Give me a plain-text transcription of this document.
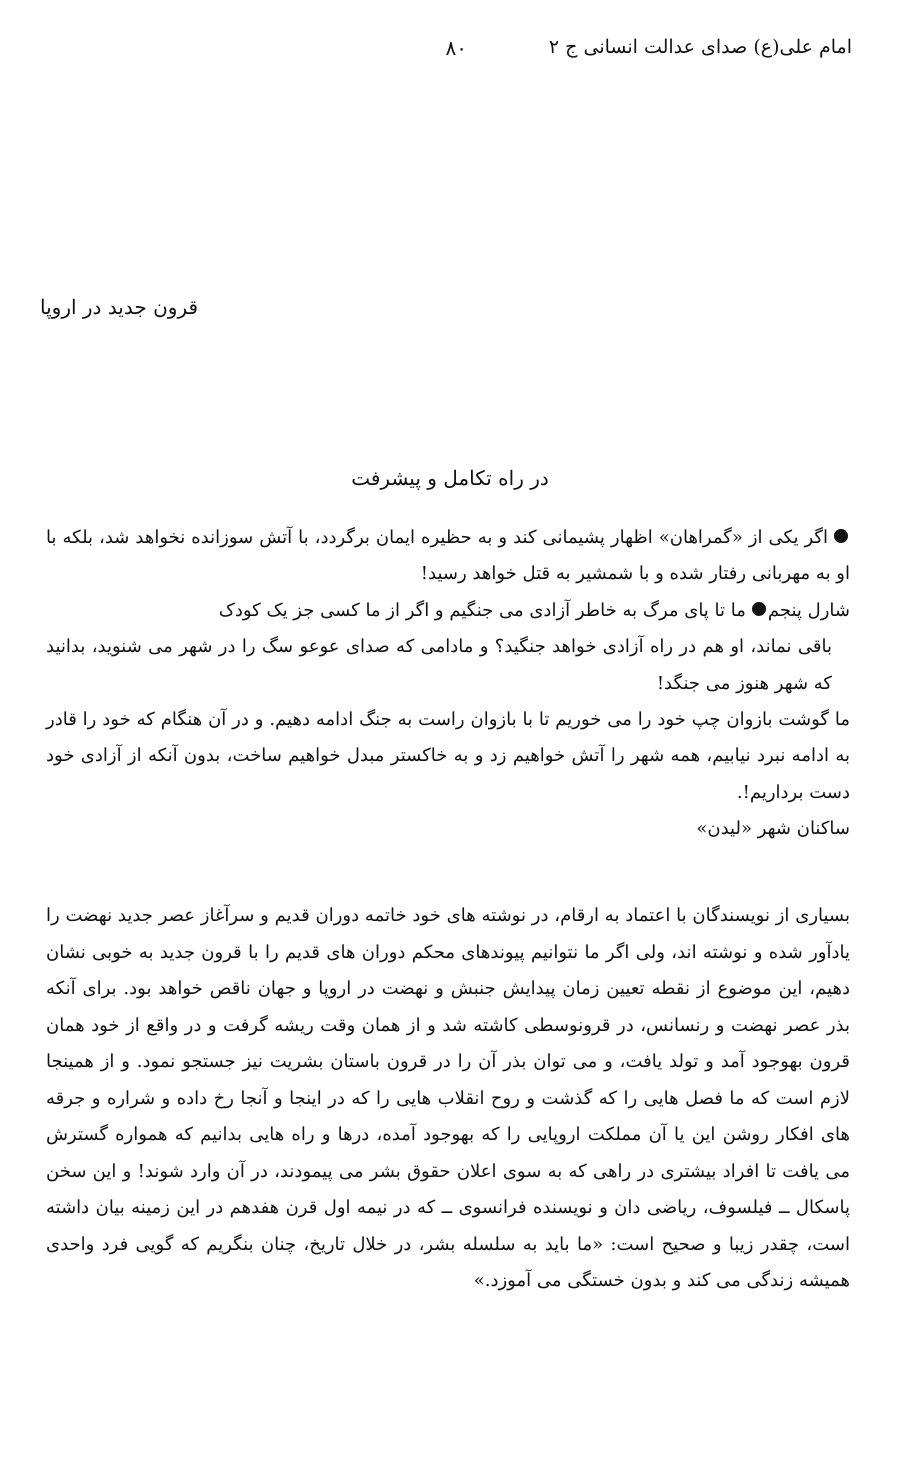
امام علی(ع) صدای عدالت انسانی ج ۲
۸۰
قرون جدید در اروپا
در راه تکامل و پیشرفت

اگر یکی از «گمراهان» اظهار پشیمانی کند و به حظیره ایمان برگردد، با آتش سوزانده نخواهد شد، بلکه با او به مهربانی رفتار شده و با شمشیر به قتل خواهد رسید!

شارل پنجمما تا پای مرگ به خاطر آزادی می جنگیم و اگر از ما کسی جز یک کودک

باقی نماند، او هم در راه آزادی خواهد جنگید؟ و مادامی که صدای عوعو سگ را در شهر می شنوید، بدانید که شهر هنوز می جنگد!

ما گوشت بازوان چپ خود را می خوریم تا با بازوان راست به جنگ ادامه دهیم. و در آن هنگام که خود را قادر به ادامه نبرد نیابیم، همه شهر را آتش خواهیم زد و به خاکستر مبدل خواهیم ساخت، بدون آنکه از آزادی خود دست برداریم!.

ساکنان شهر «لیدن»

بسیاری از نویسندگان با اعتماد به ارقام، در نوشته های خود خاتمه دوران قدیم و سرآغاز عصر جدید نهضت را یادآور شده و نوشته اند، ولی اگر ما نتوانیم پیوندهای محکم دوران های قدیم را با قرون جدید به خوبی نشان دهیم، این موضوع از نقطه تعیین زمان پیدایش جنبش و نهضت در اروپا و جهان ناقص خواهد بود. برای آنکه بذر عصر نهضت و رنسانس، در قرونوسطی کاشته شد و از همان وقت ریشه گرفت و در واقع از خود همان قرون بهوجود آمد و تولد یافت، و می توان بذر آن را در قرون باستان بشریت نیز جستجو نمود. و از همینجا لازم است که ما فصل هایی را که گذشت و روح انقلاب هایی را که در اینجا و آنجا رخ داده و شراره و جرقه های افکار روشن این یا آن مملکت اروپایی را که بهوجود آمده، درها و راه هایی بدانیم که همواره گسترش می یافت تا افراد بیشتری در راهی که به سوی اعلان حقوق بشر می پیمودند، در آن وارد شوند! و این سخن پاسکال ــ فیلسوف، ریاضی دان و نویسنده فرانسوی ــ که در نیمه اول قرن هفدهم در این زمینه بیان داشته است، چقدر زیبا و صحیح است: «ما باید به سلسله بشر، در خلال تاریخ، چنان بنگریم که گویی فرد واحدی همیشه زندگی می کند و بدون خستگی می آموزد.»
